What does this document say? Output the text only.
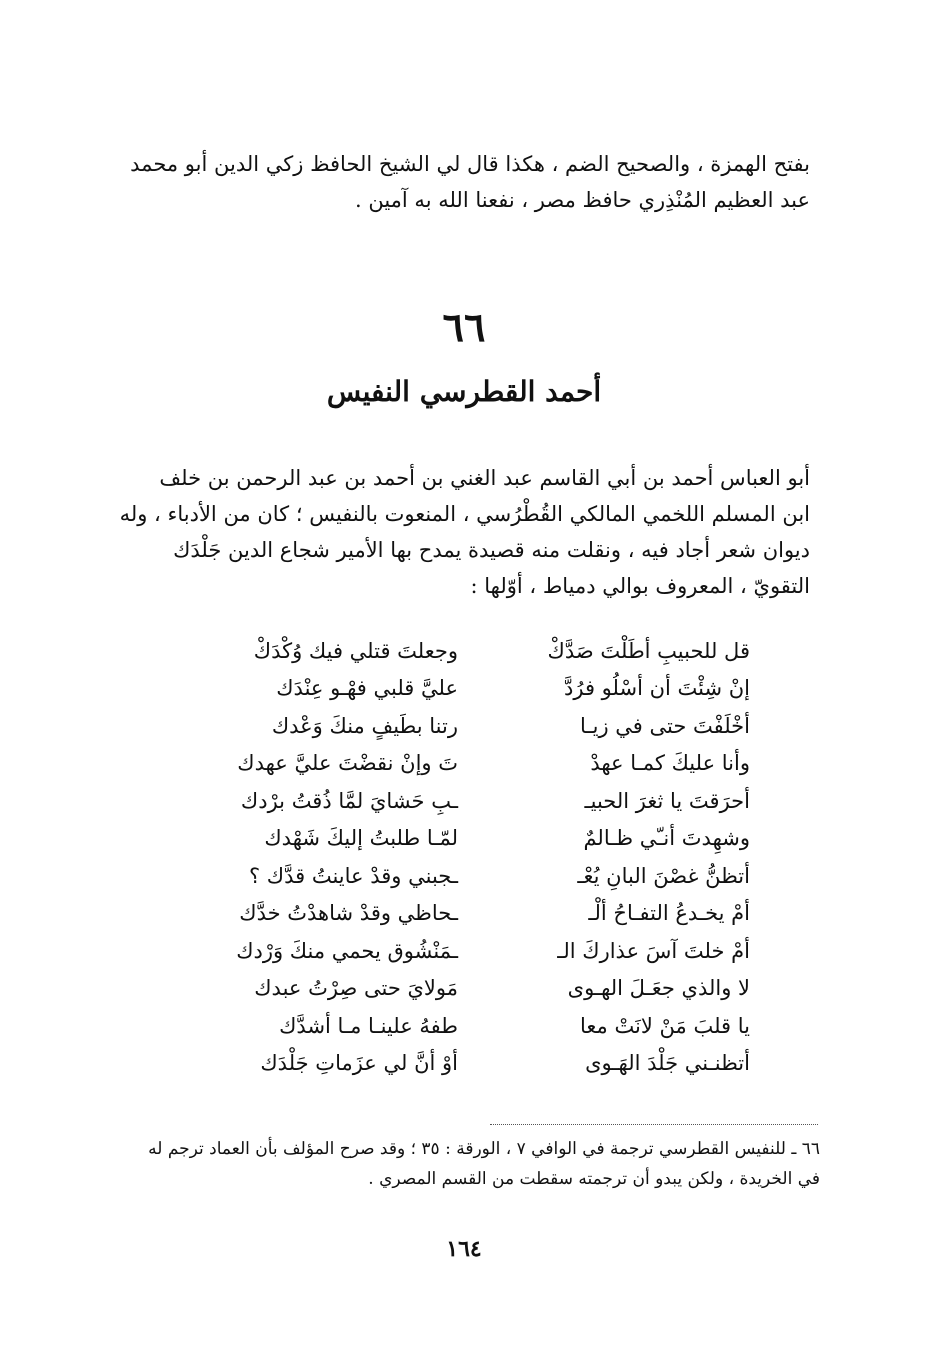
بفتح الهمزة ، والصحيح الضم ، هكذا قال لي الشيخ الحافظ زكي الدين أبو محمد

عبد العظيم المُنْذِري حافظ مصر ، نفعنا الله به آمين .

٦٦
أحمد القطرسي النفيس

أبو العباس أحمد بن أبي القاسم عبد الغني بن أحمد بن عبد الرحمن بن خلف

ابن المسلم اللخمي المالكي القُطْرُسي ، المنعوت بالنفيس ؛ كان من الأدباء ، وله

ديوان شعر أجاد فيه ، ونقلت منه قصيدة يمدح بها الأمير شجاع الدين جَلْدَك

التقويّ ، المعروف بوالي دمياط ، أوّلها :

قل للحبيبِ أطَلْتَ صَدَّكْ
وجعلتَ قتلي فيك وُكْدَكْ
إنْ شِئْتَ أن أسْلُو فرُدَّ
عليَّ قلبي فهْـو عِنْدَك
أخْلَفْتَ حتى في زيـا
رتنا بطَيفٍ منكَ وَعْدك
وأنا عليكَ كمـا عهدْ
تَ وإنْ نقضْتَ عليَّ عهدك
أحرَقتَ يا ثغرَ الحبيـ
ـبِ حَشايَ لمَّا ذُقتُ برْدك
وشهِدتَ أنـّي ظـالمٌ
لمّـا طلبتُ إليكَ شَهْدك
أتظنُّ غصْنَ البانِ يُعْـ
ـجبني وقدْ عاينتُ قدَّك ؟
أمْ يخـدعُ التفـاحُ ألْـ
ـحاظي وقدْ شاهدْتُ خدَّك
أمْ خلتَ آسَ عذاركَ الـ
ـمَنْشُوق يحمي منكَ وَرْدك
لا والذي جعَـلَ الهـوى
مَولايَ حتى صِرْتُ عبدك
يا قلبَ مَنْ لانَتْ معا
طفهُ علينـا مـا أشدَّك
أتظنـني جَلْدَ الهَـوى
أوْ أنَّ لي عزَماتِ جَلْدَك

٦٦ ـ للنفيس القطرسي ترجمة في الوافي ٧ ، الورقة : ٣٥ ؛ وقد صرح المؤلف بأن العماد ترجم له

في الخريدة ، ولكن يبدو أن ترجمته سقطت من القسم المصري .

١٦٤
